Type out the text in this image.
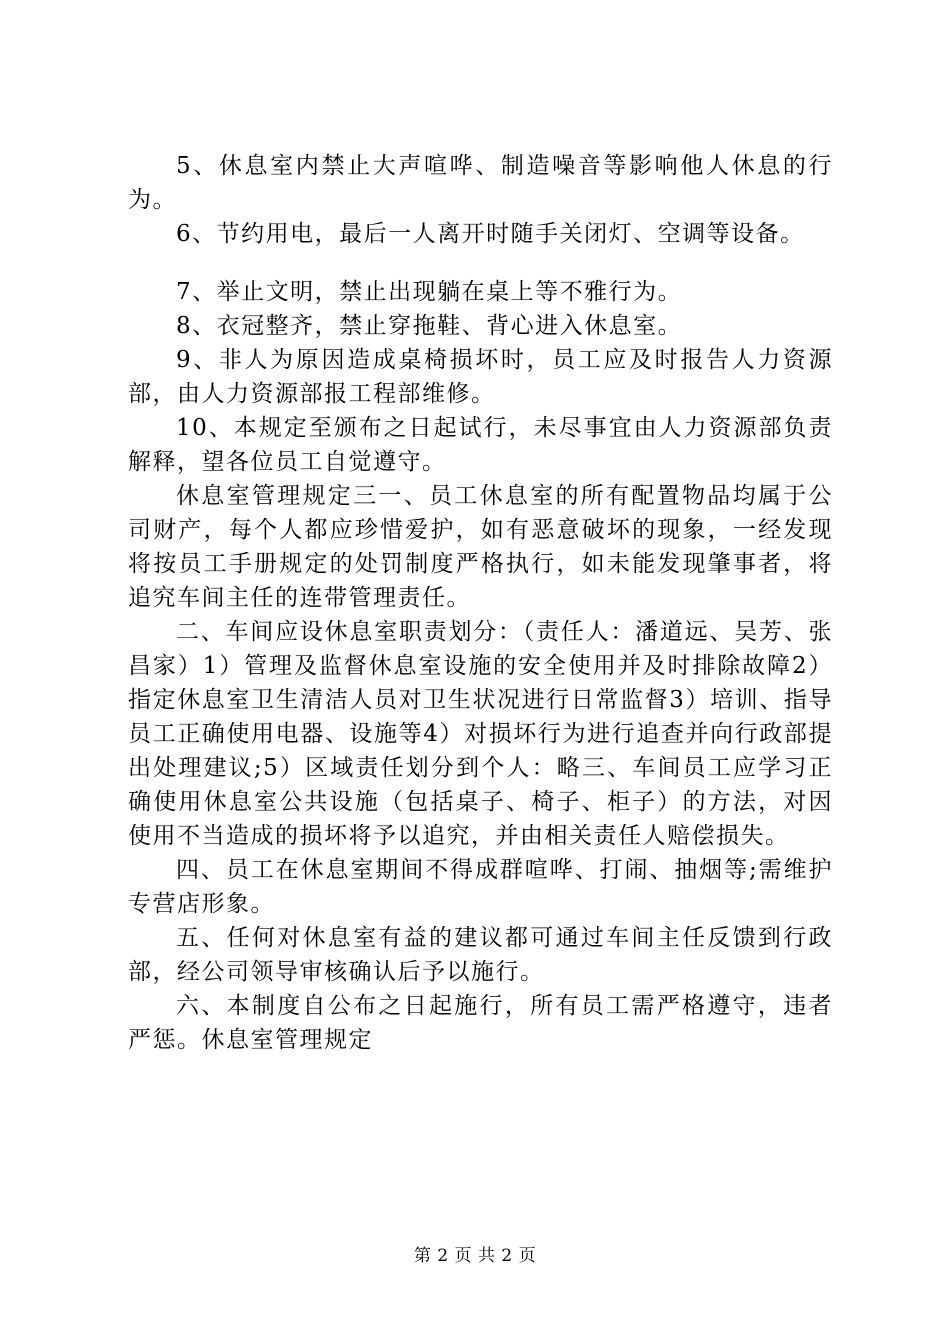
5、休息室内禁止大声喧哗、制造噪音等影响他人休息的行为。

6、节约用电，最后一人离开时随手关闭灯、空调等设备。

7、举止文明，禁止出现躺在桌上等不雅行为。

8、衣冠整齐，禁止穿拖鞋、背心进入休息室。

9、非人为原因造成桌椅损坏时，员工应及时报告人力资源部，由人力资源部报工程部维修。

10、本规定至颁布之日起试行，未尽事宜由人力资源部负责解释，望各位员工自觉遵守。

休息室管理规定三一、员工休息室的所有配置物品均属于公司财产，每个人都应珍惜爱护，如有恶意破坏的现象，一经发现将按员工手册规定的处罚制度严格执行，如未能发现肇事者，将追究车间主任的连带管理责任。

二、车间应设休息室职责划分：（责任人：潘道远、吴芳、张昌家）1）管理及监督休息室设施的安全使用并及时排除故障2）指定休息室卫生清洁人员对卫生状况进行日常监督3）培训、指导员工正确使用电器、设施等4）对损坏行为进行追查并向行政部提出处理建议;5）区域责任划分到个人：略三、车间员工应学习正确使用休息室公共设施（包括桌子、椅子、柜子）的方法，对因使用不当造成的损坏将予以追究，并由相关责任人赔偿损失。

四、员工在休息室期间不得成群喧哗、打闹、抽烟等;需维护专营店形象。

五、任何对休息室有益的建议都可通过车间主任反馈到行政部，经公司领导审核确认后予以施行。

六、本制度自公布之日起施行，所有员工需严格遵守，违者严惩。休息室管理规定

第 2 页 共 2 页
